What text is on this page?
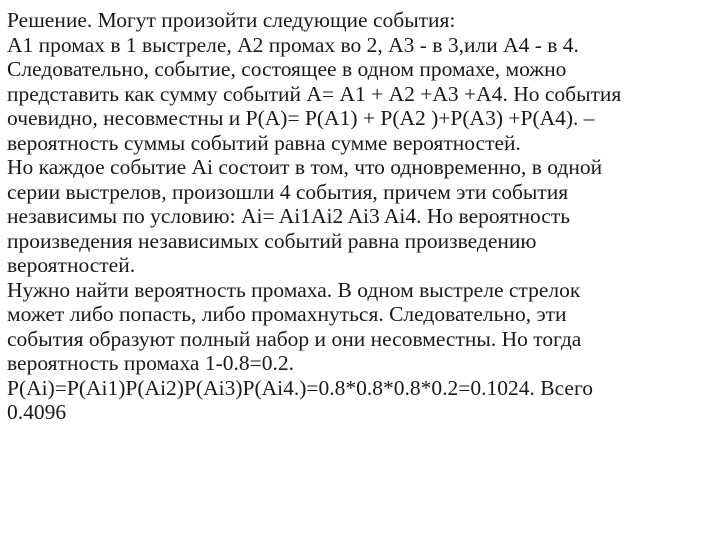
Решение. Могут произойти следующие события:
А1 промах в 1 выстреле, А2 промах во 2, А3 - в 3,или А4 - в 4.
Следовательно, событие, состоящее в одном промахе, можно
представить как сумму событий А= А1 + А2 +А3 +А4. Но события
очевидно, несовместны и Р(А)= Р(А1) + Р(А2 )+Р(А3) +Р(А4). –
вероятность суммы событий равна сумме вероятностей.
Но каждое событие Аi состоит в том, что одновременно, в одной
серии выстрелов, произошли 4 события, причем эти события
независимы по условию: Аi= Ai1Ai2 Ai3 Ai4. Но вероятность
произведения независимых событий равна произведению
вероятностей.
Нужно найти вероятность промаха. В одном выстреле стрелок
может либо попасть, либо промахнуться. Следовательно, эти
события образуют полный набор и они несовместны. Но тогда
вероятность промаха 1-0.8=0.2.
P(Ai)=P(Ai1)P(Ai2)P(Ai3)P(Ai4.)=0.8*0.8*0.8*0.2=0.1024. Всего
0.4096
